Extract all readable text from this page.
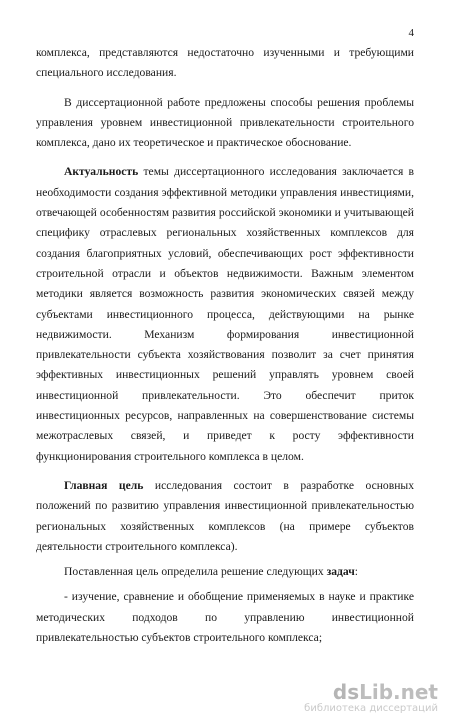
4

комплекса, представляются недостаточно изученными и требующими специального исследования.

В диссертационной работе предложены способы решения проблемы управления уровнем инвестиционной привлекательности строительного комплекса, дано их теоретическое и практическое обоснование.

Актуальность темы диссертационного исследования заключается в необходимости создания эффективной методики управления инвестициями, отвечающей особенностям развития российской экономики и учитывающей специфику отраслевых региональных хозяйственных комплексов для создания благоприятных условий, обеспечивающих рост эффективности строительной отрасли и объектов недвижимости. Важным элементом методики является возможность развития экономических связей между субъектами инвестиционного процесса, действующими на рынке недвижимости. Механизм формирования инвестиционной привлекательности субъекта хозяйствования позволит за счет принятия эффективных инвестиционных решений управлять уровнем своей инвестиционной привлекательности. Это обеспечит приток инвестиционных ресурсов, направленных на совершенствование системы межотраслевых связей, и приведет к росту эффективности функционирования строительного комплекса в целом.

Главная цель исследования состоит в разработке основных положений по развитию управления инвестиционной привлекательностью региональных хозяйственных комплексов (на примере субъектов деятельности строительного комплекса).

Поставленная цель определила решение следующих задач:

- изучение, сравнение и обобщение применяемых в науке и практике
методических подходов по управлению инвестиционной
привлекательностью субъектов строительного комплекса;
dsLib.net
библиотека диссертаций
